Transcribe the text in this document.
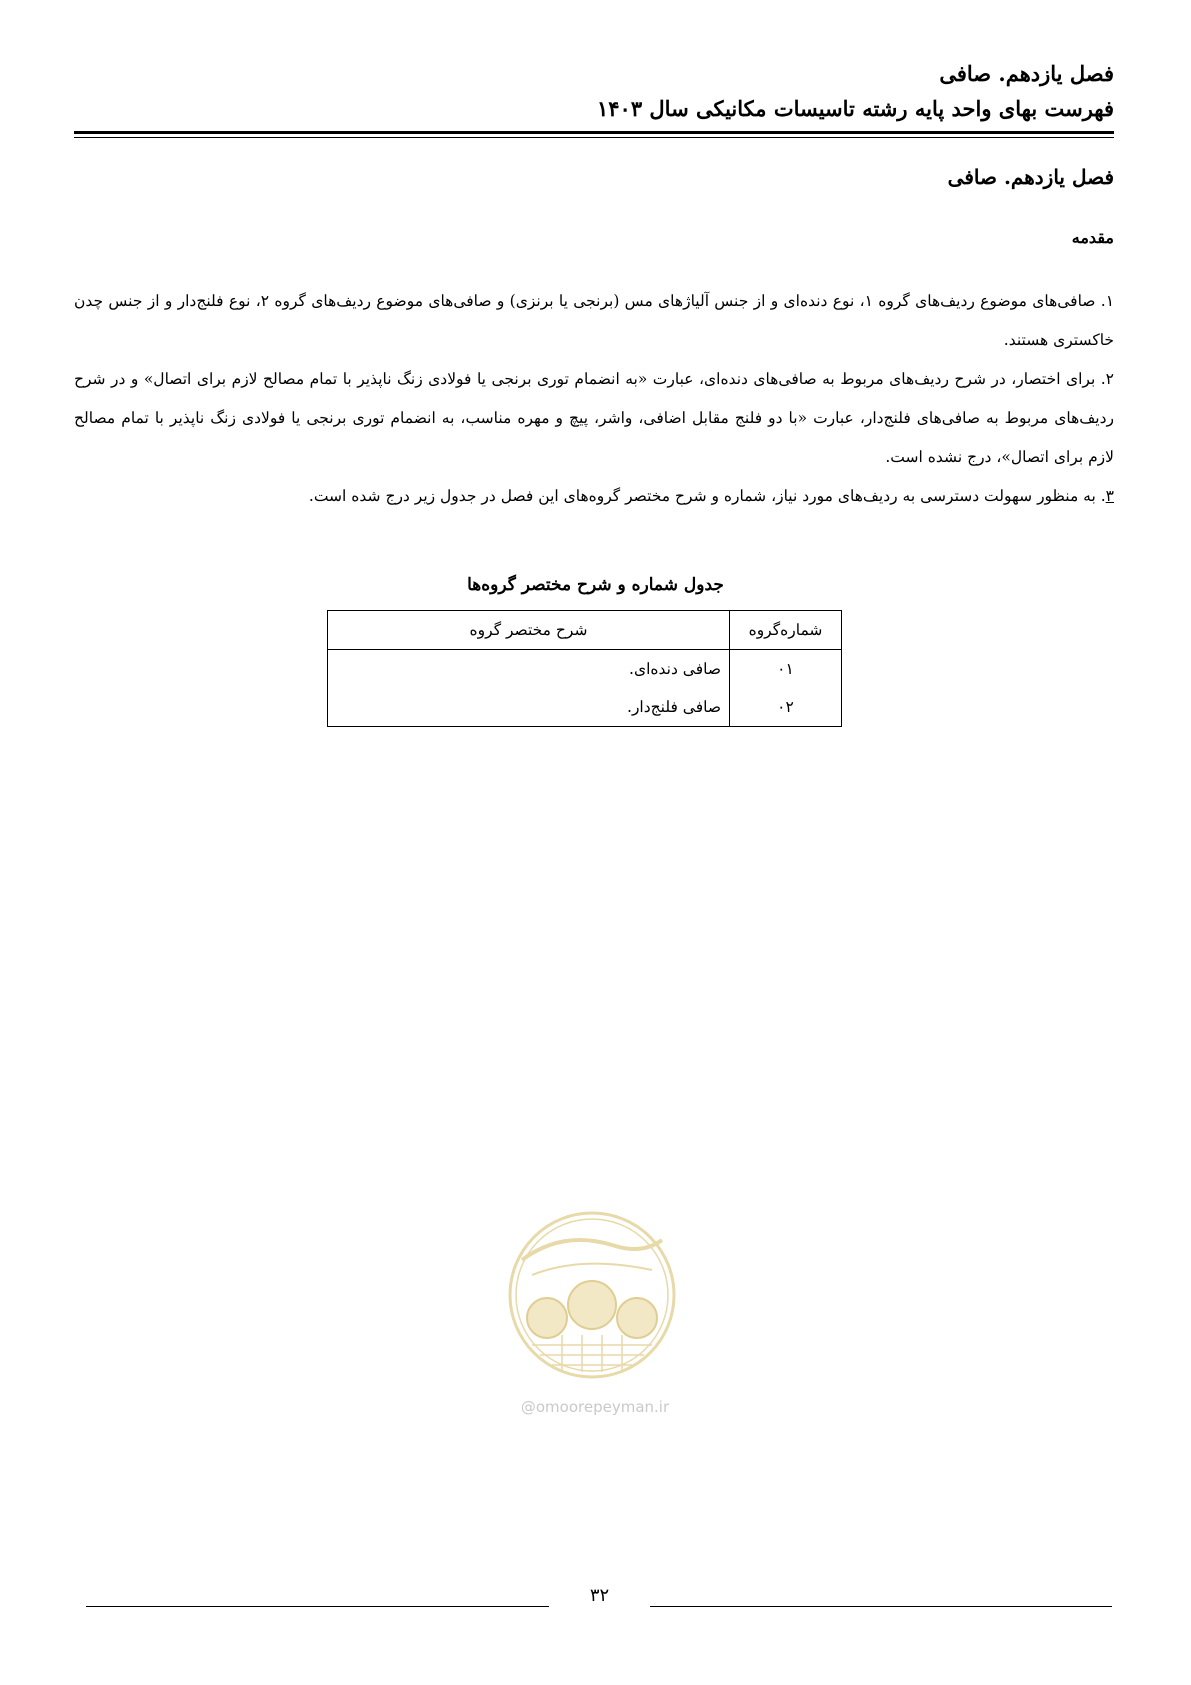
فصل یازدهم. صافی
فهرست بهای واحد پایه رشته تاسیسات مکانیکی سال ۱۴۰۳
فصل یازدهم. صافی
مقدمه

۱. صافی‌های موضوع ردیف‌های گروه ۱، نوع دنده‌ای و از جنس آلیاژهای مس (برنجی یا برنزی) و صافی‌های موضوع ردیف‌های گروه ۲، نوع فلنج‌دار و از جنس چدن خاکستری هستند.

۲. برای اختصار، در شرح ردیف‌های مربوط به صافی‌های دنده‌ای، عبارت «به انضمام توری برنجی یا فولادی زنگ ناپذیر با تمام مصالح لازم برای اتصال» و در شرح ردیف‌های مربوط به صافی‌های فلنج‌دار، عبارت «با دو فلنج مقابل اضافی، واشر، پیچ و مهره مناسب، به انضمام توری برنجی یا فولادی زنگ ناپذیر با تمام مصالح لازم برای اتصال»، درج نشده است.

۳. به منظور سهولت دسترسی به ردیف‌های مورد نیاز، شماره و شرح مختصر گروه‌های این فصل در جدول زیر درج شده است.

جدول شماره و شرح مختصر گروه‌ها
شماره‌گروه	شرح مختصر گروه
۰۱	صافی دنده‌ای.
۰۲	صافی فلنج‌دار.
@omoorepeyman.ir
۳۲
